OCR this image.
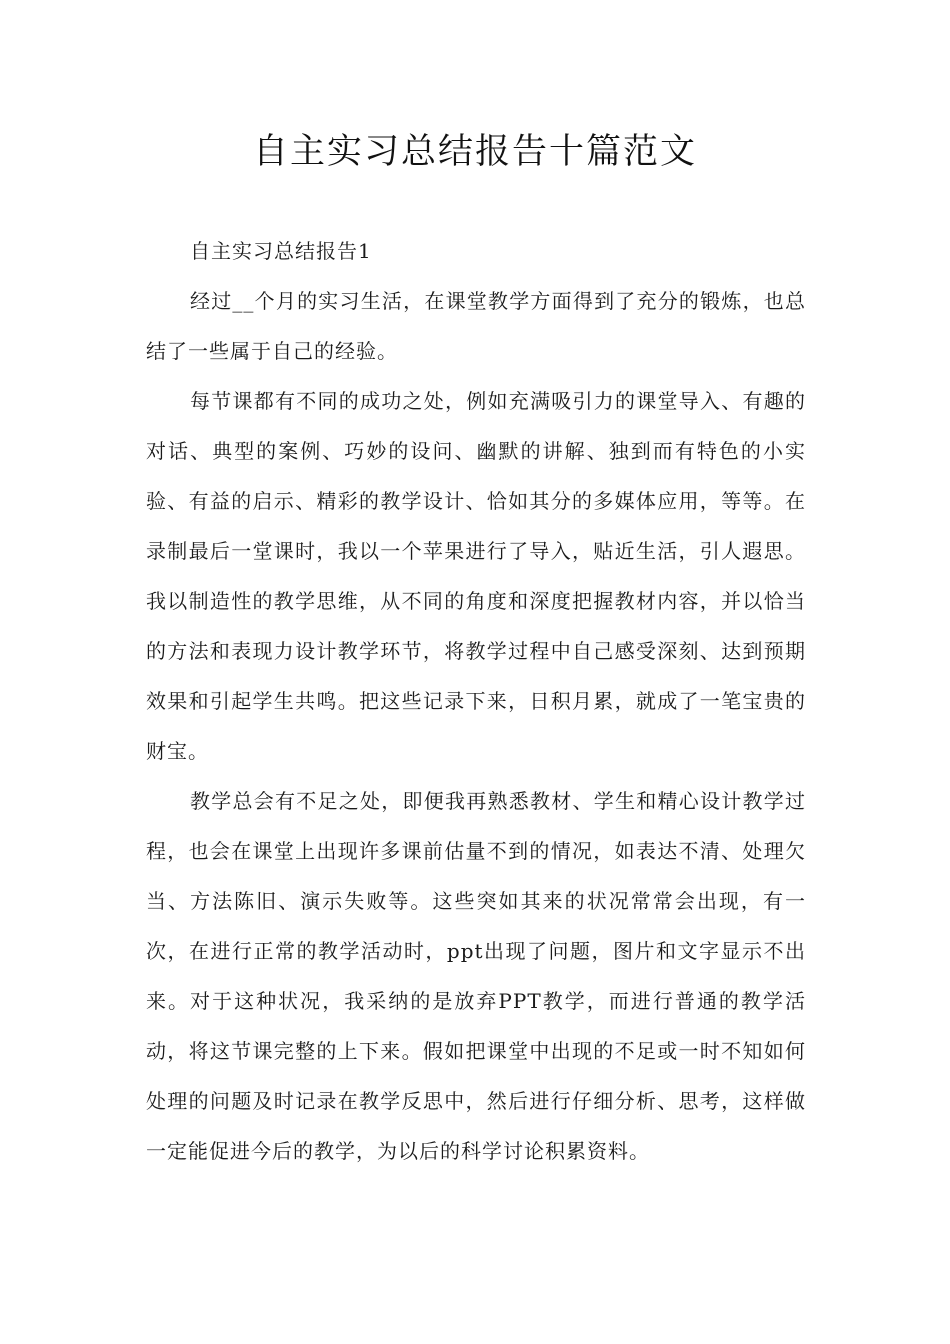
自主实习总结报告十篇范文

自主实习总结报告1

经过__个月的实习生活，在课堂教学方面得到了充分的锻炼，也总结了一些属于自己的经验。

每节课都有不同的成功之处，例如充满吸引力的课堂导入、有趣的对话、典型的案例、巧妙的设问、幽默的讲解、独到而有特色的小实验、有益的启示、精彩的教学设计、恰如其分的多媒体应用，等等。在录制最后一堂课时，我以一个苹果进行了导入，贴近生活，引人遐思。我以制造性的教学思维，从不同的角度和深度把握教材内容，并以恰当的方法和表现力设计教学环节，将教学过程中自己感受深刻、达到预期效果和引起学生共鸣。把这些记录下来，日积月累，就成了一笔宝贵的财宝。

教学总会有不足之处，即便我再熟悉教材、学生和精心设计教学过程，也会在课堂上出现许多课前估量不到的情况，如表达不清、处理欠当、方法陈旧、演示失败等。这些突如其来的状况常常会出现，有一次，在进行正常的教学活动时，ppt出现了问题，图片和文字显示不出来。对于这种状况，我采纳的是放弃PPT教学，而进行普通的教学活动，将这节课完整的上下来。假如把课堂中出现的不足或一时不知如何处理的问题及时记录在教学反思中，然后进行仔细分析、思考，这样做一定能促进今后的教学，为以后的科学讨论积累资料。
